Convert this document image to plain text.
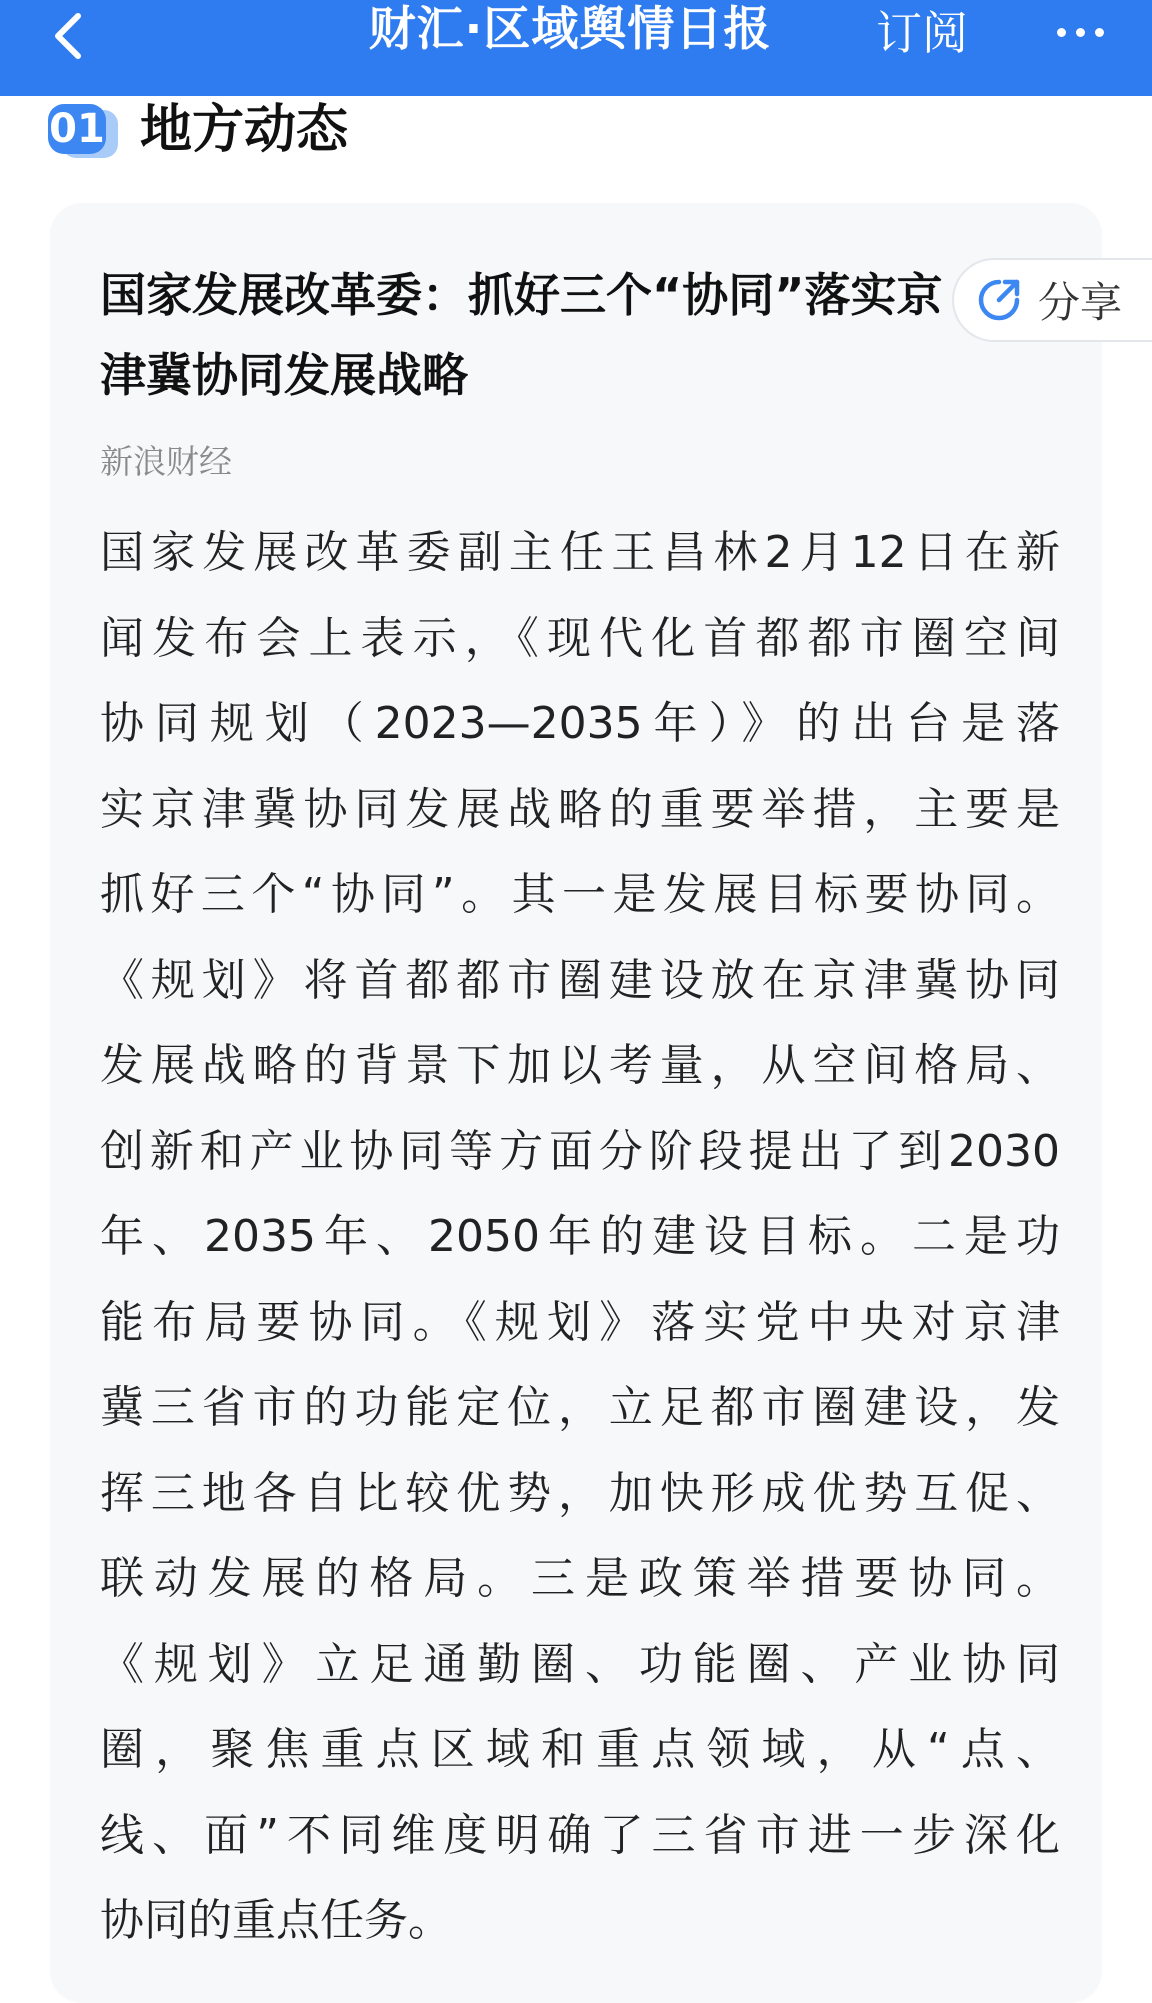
财汇·区域舆情日报	订阅
01 地方动态
国家发展改革委：抓好三个“协同”落实京
津冀协同发展战略
分享
新浪财经
国家发展改革委副主任王昌林2月12日在新
闻发布会上表示，《现代化首都都市圈空间
协同规划（2023—2035年）》的出台是落
实京津冀协同发展战略的重要举措，主要是
抓好三个“协同”。其一是发展目标要协同。
《规划》将首都都市圈建设放在京津冀协同
发展战略的背景下加以考量，从空间格局、
创新和产业协同等方面分阶段提出了到2030
年、2035年、2050年的建设目标。二是功
能布局要协同。《规划》落实党中央对京津
冀三省市的功能定位，立足都市圈建设，发
挥三地各自比较优势，加快形成优势互促、
联动发展的格局。三是政策举措要协同。
《规划》立足通勤圈、功能圈、产业协同
圈，聚焦重点区域和重点领域，从“点、
线、面”不同维度明确了三省市进一步深化
协同的重点任务。
